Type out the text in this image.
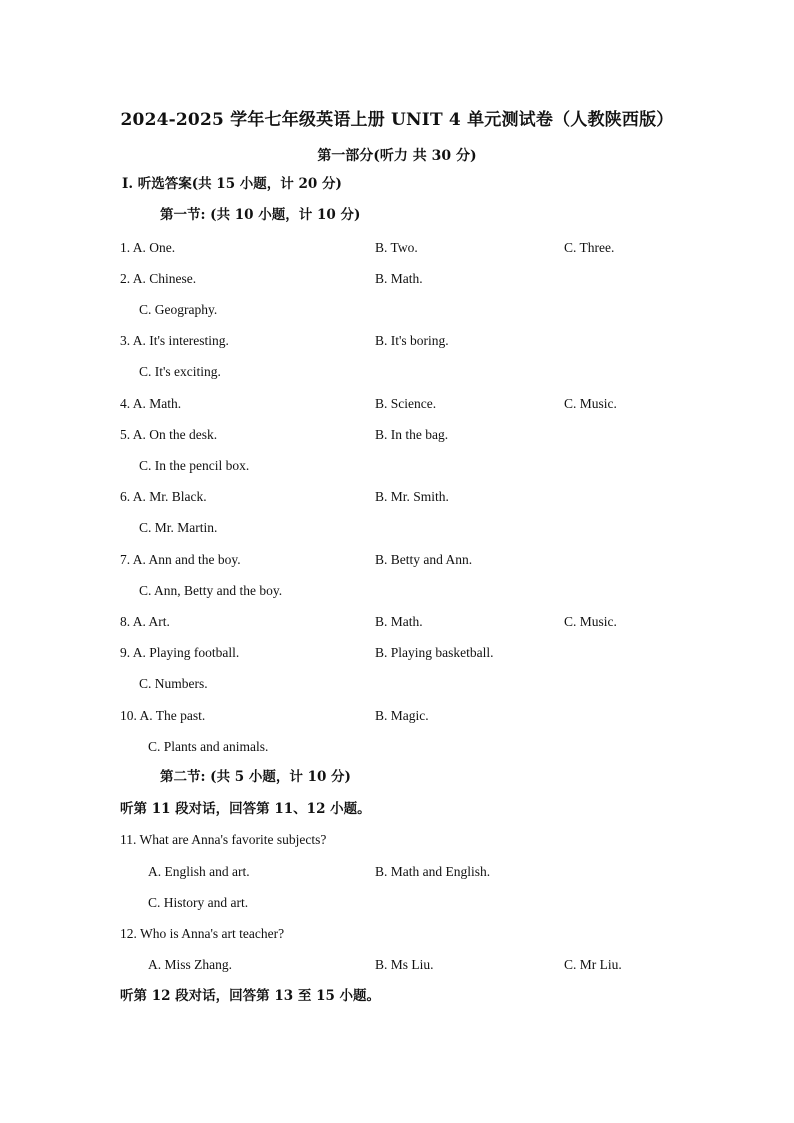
2024-2025 学年七年级英语上册 UNIT 4 单元测试卷（人教陕西版）
第一部分(听力 共 30 分)
Ⅰ. 听选答案(共 15 小题，计 20 分)
第一节: (共 10 小题，计 10 分)
1. A. One.	B. Two.	C. Three.
2. A. Chinese.	B. Math.
C. Geography.
3. A. It's interesting.	B. It's boring.
C. It's exciting.
4. A. Math.	B. Science.	C. Music.
5. A. On the desk.	B. In the bag.
C. In the pencil box.
6. A. Mr. Black.	B. Mr. Smith.
C. Mr. Martin.
7. A. Ann and the boy.	B. Betty and Ann.
C. Ann, Betty and the boy.
8. A. Art.	B. Math.	C. Music.
9. A. Playing football.	B. Playing basketball.
C. Numbers.
10. A. The past.	B. Magic.
C. Plants and animals.
第二节: (共 5 小题，计 10 分)
听第 11 段对话，回答第 11、12 小题。
11. What are Anna's favorite subjects?
A. English and art.	B. Math and English.
C. History and art.
12. Who is Anna's art teacher?
A. Miss Zhang.	B. Ms Liu.	C. Mr Liu.
听第 12 段对话，回答第 13 至 15 小题。
